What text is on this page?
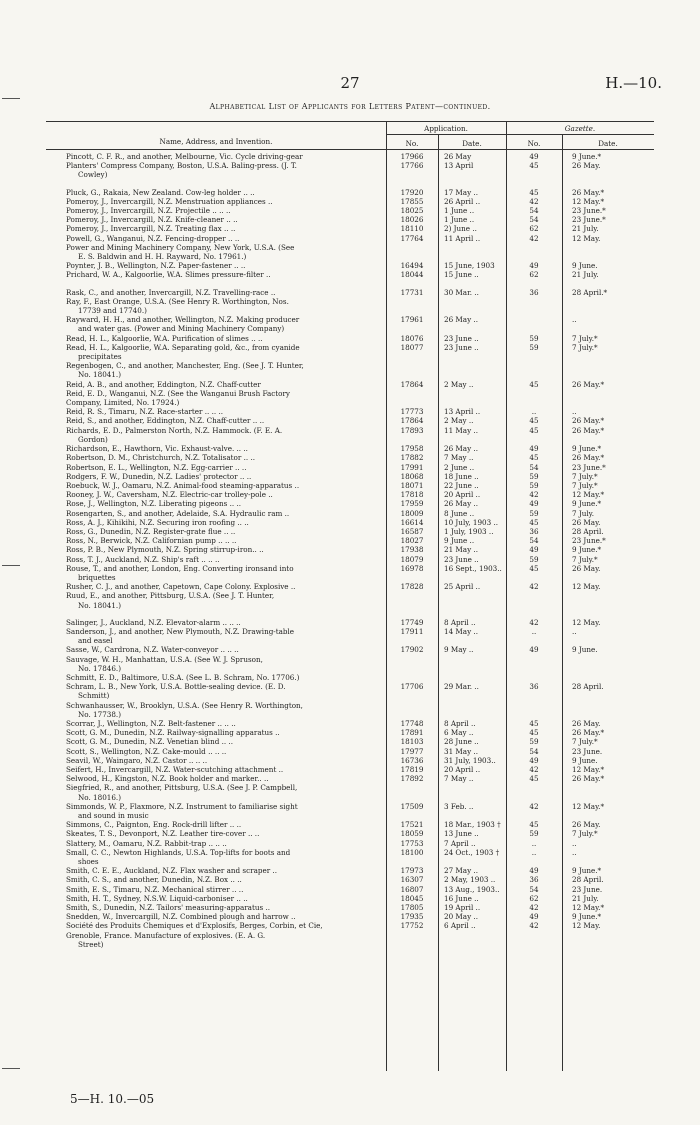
27	H.—10.
Alphabetical List of Applicants for Letters Patent—continued.
Name, Address, and Invention.
Application.	Gazette.
No.	Date.	No.	Date.
Pincott, C. F. R., and another, Melbourne, Vic. Cycle driving-gear	17966	26 May	49	9 June.*
Planters' Compress Company, Boston, U.S.A. Baling-press. (J. T.
Cowley)
17766	13 April	45	26 May.
Pluck, G., Rakaia, New Zealand. Cow-leg holder .. ..	17920	17 May ..	45	26 May.*
Pomeroy, J., Invercargill, N.Z. Menstruation appliances ..	17855	26 April ..	42	12 May.*
Pomeroy, J., Invercargill, N.Z. Projectile .. .. ..	18025	1 June ..	54	23 June.*
Pomeroy, J., Invercargill, N.Z. Knife-cleaner .. ..	18026	1 June ..	54	23 June.*
Pomeroy, J., Invercargill, N.Z. Treating flax .. ..	18110	2) June ..	62	21 July.
Powell, G., Wanganui, N.Z. Fencing-dropper .. ..	17764	11 April ..	42	12 May.
Power and Mining Machinery Company, New York, U.S.A. (See
E. S. Baldwin and H. H. Rayward, No. 17961.)
Poynter, J. B., Wellington, N.Z. Paper-fastener .. ..	16494	15 June, 1903	49	9 June.
Prichard, W. A., Kalgoorlie, W.A. Slimes pressure-filter ..	18044	15 June ..	62	21 July.
Rask, C., and another, Invercargill, N.Z. Travelling-race ..	17731	30 Mar. ..	36	28 April.*
Ray, F., East Orange, U.S.A. (See Henry R. Worthington, Nos.
17739 and 17740.)
Rayward, H. H., and another, Wellington, N.Z. Making producer
and water gas. (Power and Mining Machinery Company)
17961	26 May ..	..
Read, H. L., Kalgoorlie, W.A. Purification of slimes .. ..	18076	23 June ..	59	7 July.*
Read, H. L., Kalgoorlie, W.A. Separating gold, &c., from cyanide
precipitates
18077	23 June ..	59	7 July.*
Regenbogen, C., and another, Manchester, Eng. (See J. T. Hunter,
No. 18041.)
Reid, A. B., and another, Eddington, N.Z. Chaff-cutter	17864	2 May ..	45	26 May.*
Reid, E. D., Wanganui, N.Z. (See the Wanganui Brush Factory
Company, Limited, No. 17924.)
Reid, R. S., Timaru, N.Z. Race-starter .. .. ..	17773	13 April ..	..	..
Reid, S., and another, Eddington, N.Z. Chaff-cutter .. ..	17864	2 May ..	45	26 May.*
Richards, E. D., Palmerston North, N.Z. Hammock. (F. E. A.
Gordon)
17893	11 May ..	45	26 May.*
Richardson, E., Hawthorn, Vic. Exhaust-valve. .. ..	17958	26 May ..	49	9 June.*
Robertson, D. M., Christchurch, N.Z. Totalisator .. ..	17882	7 May ..	45	26 May.*
Robertson, E. L., Wellington, N.Z. Egg-carrier .. ..	17991	2 June ..	54	23 June.*
Rodgers, F. W., Dunedin, N.Z. Ladies' protector .. ..	18068	18 June ..	59	7 July.*
Roebuck, W. J., Oamaru, N.Z. Animal-food steaming-apparatus ..	18071	22 June ..	59	7 July.*
Rooney, J. W., Caversham, N.Z. Electric-car trolley-pole ..	17818	20 April ..	42	12 May.*
Rose, J., Wellington, N.Z. Liberating pigeons .. ..	17959	26 May ..	49	9 June.*
Rosengarten, S., and another, Adelaide, S.A. Hydraulic ram ..	18009	8 June ..	59	7 July.
Ross, A. J., Kihikihi, N.Z. Securing iron roofing .. ..	16614	10 July, 1903 ..	45	26 May.
Ross, G., Dunedin, N.Z. Register-grate flue .. ..	16587	1 July, 1903 ..	36	28 April.
Ross, N., Berwick, N.Z. Californian pump .. .. ..	18027	9 June ..	54	23 June.*
Ross, P. B., New Plymouth, N.Z. Spring stirrup-iron.. ..	17938	21 May ..	49	9 June.*
Ross, T. J., Auckland, N.Z. Ship's raft .. .. ..	18079	23 June ..	59	7 July.*
Rouse, T., and another, London, Eng. Converting ironsand into
briquettes
16978	16 Sept., 1903..	45	26 May.
Rusher, C. J., and another, Capetown, Cape Colony. Explosive ..
Ruud, E., and another, Pittsburg, U.S.A. (See J. T. Hunter,
No. 18041.)
17828	25 April ..	42	12 May.
Salinger, J., Auckland, N.Z. Elevator-alarm .. .. ..	17749	8 April ..	42	12 May.
Sanderson, J., and another, New Plymouth, N.Z. Drawing-table
and easel
17911	14 May ..	..	..
Sasse, W., Cardrona, N.Z. Water-conveyor .. .. ..	17902	9 May ..	49	9 June.
Sauvage, W. H., Manhattan, U.S.A. (See W. J. Spruson,
No. 17846.)
Schmitt, E. D., Baltimore, U.S.A. (See L. B. Schram, No. 17706.)
Schram, L. B., New York, U.S.A. Bottle-sealing device. (E. D.
Schmitt)
17706	29 Mar. ..	36	28 April.
Schwanhausser, W., Brooklyn, U.S.A. (See Henry R. Worthington,
No. 17738.)
Scorrar, J., Wellington, N.Z. Belt-fastener .. .. ..	17748	8 April ..	45	26 May.
Scott, G. M., Dunedin, N.Z. Railway-signalling apparatus ..	17891	6 May ..	45	26 May.*
Scott, G. M., Dunedin, N.Z. Venetian blind .. ..	18103	28 June ..	59	7 July.*
Scott, S., Wellington, N.Z. Cake-mould .. .. ..	17977	31 May ..	54	23 June.
Seavil, W., Waingaro, N.Z. Castor .. .. ..	16736	31 July, 1903..	49	9 June.
Seifert, H., Invercargill, N.Z. Water-scutching attachment ..	17819	20 April ..	42	12 May.*
Selwood, H., Kingston, N.Z. Book holder and marker.. ..	17892	7 May ..	45	26 May.*
Siegfried, R., and another, Pittsburg, U.S.A. (See J. P. Campbell,
No. 18016.)
Simmonds, W. P., Flaxmore, N.Z. Instrument to familiarise sight
and sound in music
17509	3 Feb. ..	42	12 May.*
Simmons, C., Paignton, Eng. Rock-drill lifter .. ..	17521	18 Mar., 1903 †	45	26 May.
Skeates, T. S., Devonport, N.Z. Leather tire-cover .. ..	18059	13 June ..	59	7 July.*
Slattery, M., Oamaru, N.Z. Rabbit-trap .. .. ..	17753	7 April ..	..	..
Small, C. C., Newton Highlands, U.S.A. Top-lifts for boots and
shoes
18100	24 Oct., 1903 †	..	..
Smith, C. E. E., Auckland, N.Z. Flax washer and scraper ..	17973	27 May ..	49	9 June.*
Smith, C. S., and another, Dunedin, N.Z. Box .. ..	16307	2 May, 1903 ..	36	28 April.
Smith, E. S., Timaru, N.Z. Mechanical stirrer .. ..	16807	13 Aug., 1903..	54	23 June.
Smith, H. T., Sydney, N.S.W. Liquid-carboniser .. ..	18045	16 June ..	62	21 July.
Smith, S., Dunedin, N.Z. Tailors' measuring-apparatus ..	17805	19 April ..	42	12 May.*
Snedden, W., Invercargill, N.Z. Combined plough and harrow ..	17935	20 May ..	49	9 June.*
Société des Produits Chemiques et d'Explosifs, Berges, Corbin, et Cie,
Grenoble, France. Manufacture of explosives. (E. A. G.
Street)
17752	6 April ..	42	12 May.
5—H. 10.—05
